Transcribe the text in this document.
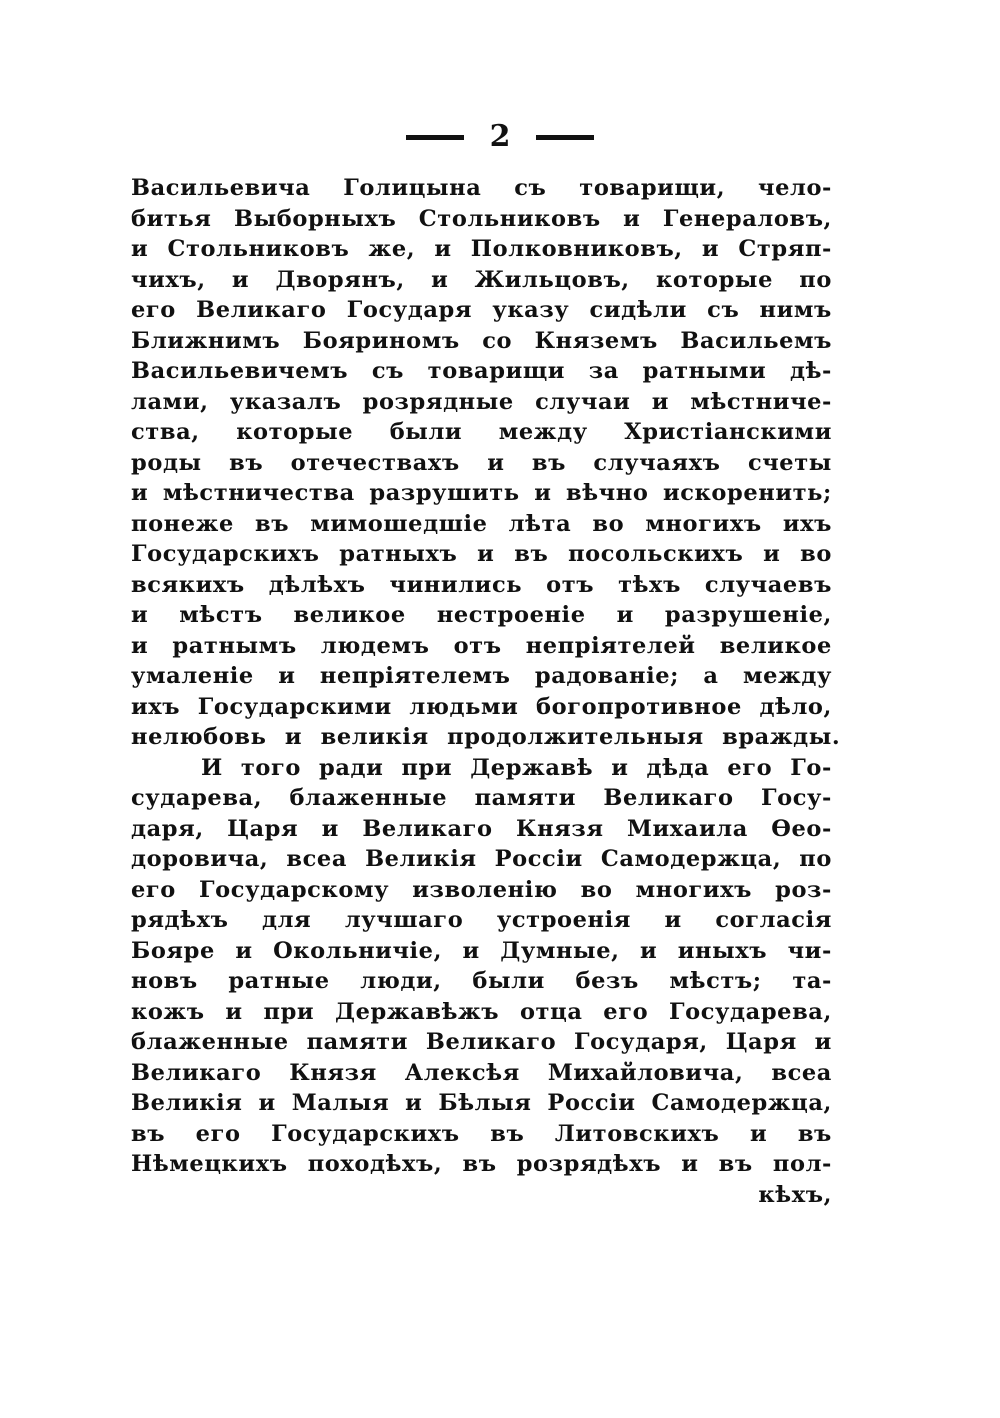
2
Васильевича Голицына съ товарищи, чело-
битья Выборныхъ Стольниковъ и Генераловъ,
и Стольниковъ же, и Полковниковъ, и Стряп-
чихъ, и Дворянъ, и Жильцовъ, которые по
его Великаго Государя указу сидѣли съ нимъ
Ближнимъ Бояриномъ со Княземъ Васильемъ
Васильевичемъ съ товарищи за ратными дѣ-
лами, указалъ розрядные случаи и мѣстниче-
ства, которые были между Христіанскими
роды въ отечествахъ и въ случаяхъ счеты
и мѣстничества разрушить и вѣчно искоренить;
понеже въ мимошедшіе лѣта во многихъ ихъ
Государскихъ ратныхъ и въ посольскихъ и во
всякихъ дѣлѣхъ чинились отъ тѣхъ случаевъ
и мѣстъ великое нестроеніе и разрушеніе,
и ратнымъ людемъ отъ непріятелей великое
умаленіе и непріятелемъ радованіе; а между
ихъ Государскими людьми богопротивное дѣло,
нелюбовь и великія продолжительныя вражды.
И того ради при Державѣ и дѣда его Го-
сударева, блаженные памяти Великаго Госу-
даря, Царя и Великаго Князя Михаила Ѳео-
доровича, всеа Великія Россіи Самодержца, по
его Государскому изволенію во многихъ роз-
рядѣхъ для лучшаго устроенія и согласія
Бояре и Окольничіе, и Думные, и иныхъ чи-
новъ ратные люди, были безъ мѣстъ; та-
кожъ и при Державѣжъ отца его Государева,
блаженные памяти Великаго Государя, Царя и
Великаго Князя Алексѣя Михайловича, всеа
Великія и Малыя и Бѣлыя Россіи Самодержца,
въ его Государскихъ въ Литовскихъ и въ
Нѣмецкихъ походѣхъ, въ розрядѣхъ и въ пол-
кѣхъ,
